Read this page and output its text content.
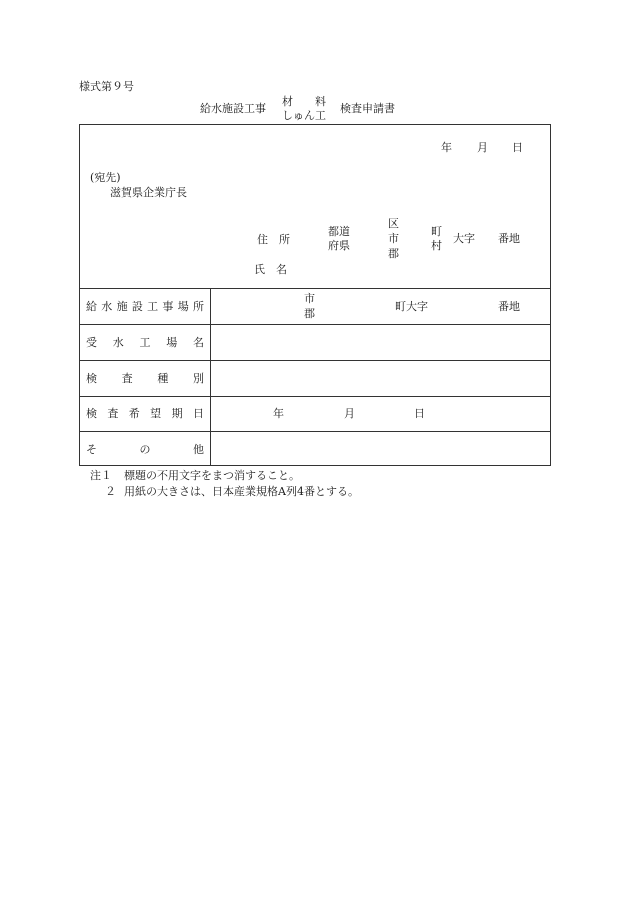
様式第９号
給水施設工事
材　　料
しゅん工
検査申請書
年 月 日
(宛先)
滋賀県企業庁長
住 所
都道
府県
区
市
郡
町
村
大字 番地
氏 名
給 水 施 設 工 事 場 所
市
郡
町大字	番地
受 水 工 場 名
検 査 種 別
検 査 希 望 期 日	年	月	日
そ	の	他
注１ 標題の不用文字をまつ消すること。
２ 用紙の大きさは、日本産業規格A列4番とする。
